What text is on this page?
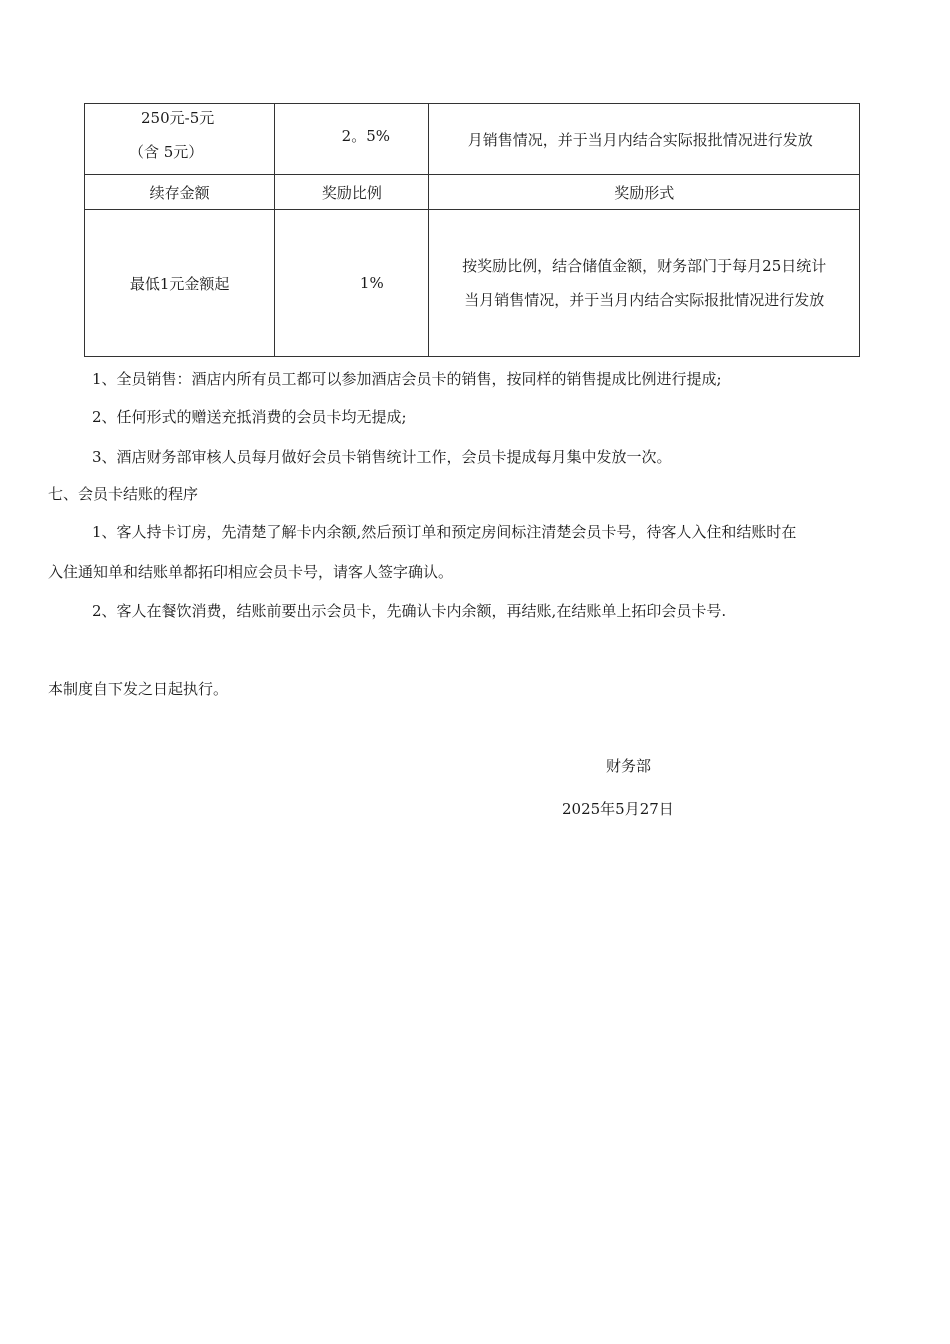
250元-5元
（含 5元）	2。5%	月销售情况，并于当月内结合实际报批情况进行发放
续存金额	奖励比例	奖励形式
最低1元金额起	1%	按奖励比例，结合储值金额，财务部门于每月25日统计
当月销售情况，并于当月内结合实际报批情况进行发放
1、全员销售：酒店内所有员工都可以参加酒店会员卡的销售，按同样的销售提成比例进行提成;
2、任何形式的赠送充抵消费的会员卡均无提成;
3、酒店财务部审核人员每月做好会员卡销售统计工作，会员卡提成每月集中发放一次。
七、会员卡结账的程序
1、客人持卡订房，先清楚了解卡内余额,然后预订单和预定房间标注清楚会员卡号，待客人入住和结账时在
入住通知单和结账单都拓印相应会员卡号，请客人签字确认。
2、客人在餐饮消费，结账前要出示会员卡，先确认卡内余额，再结账,在结账单上拓印会员卡号.
本制度自下发之日起执行。
财务部
2025年5月27日
